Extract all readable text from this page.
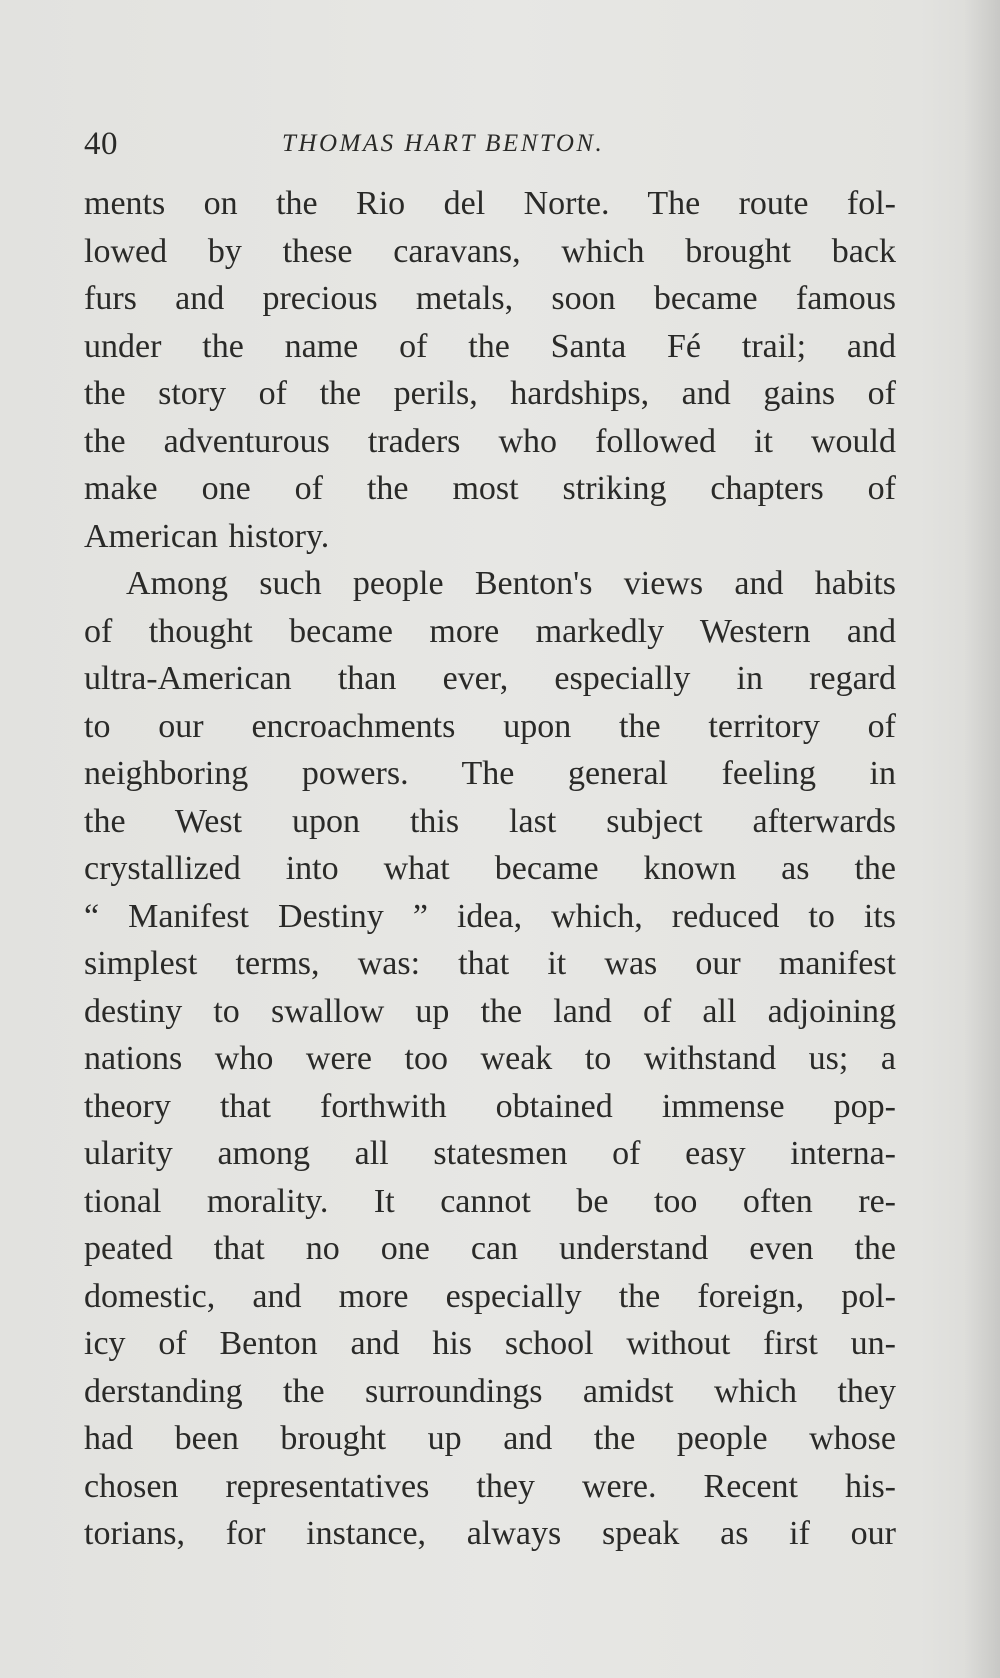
40	THOMAS HART BENTON.
ments on the Rio del Norte. The route fol-
lowed by these caravans, which brought back
furs and precious metals, soon became famous
under the name of the Santa Fé trail; and
the story of the perils, hardships, and gains of
the adventurous traders who followed it would
make one of the most striking chapters of
American history.
Among such people Benton's views and habits
of thought became more markedly Western and
ultra-American than ever, especially in regard
to our encroachments upon the territory of
neighboring powers. The general feeling in
the West upon this last subject afterwards
crystallized into what became known as the
“ Manifest Destiny ” idea, which, reduced to its
simplest terms, was: that it was our manifest
destiny to swallow up the land of all adjoining
nations who were too weak to withstand us; a
theory that forthwith obtained immense pop-
ularity among all statesmen of easy interna-
tional morality. It cannot be too often re-
peated that no one can understand even the
domestic, and more especially the foreign, pol-
icy of Benton and his school without first un-
derstanding the surroundings amidst which they
had been brought up and the people whose
chosen representatives they were. Recent his-
torians, for instance, always speak as if our
